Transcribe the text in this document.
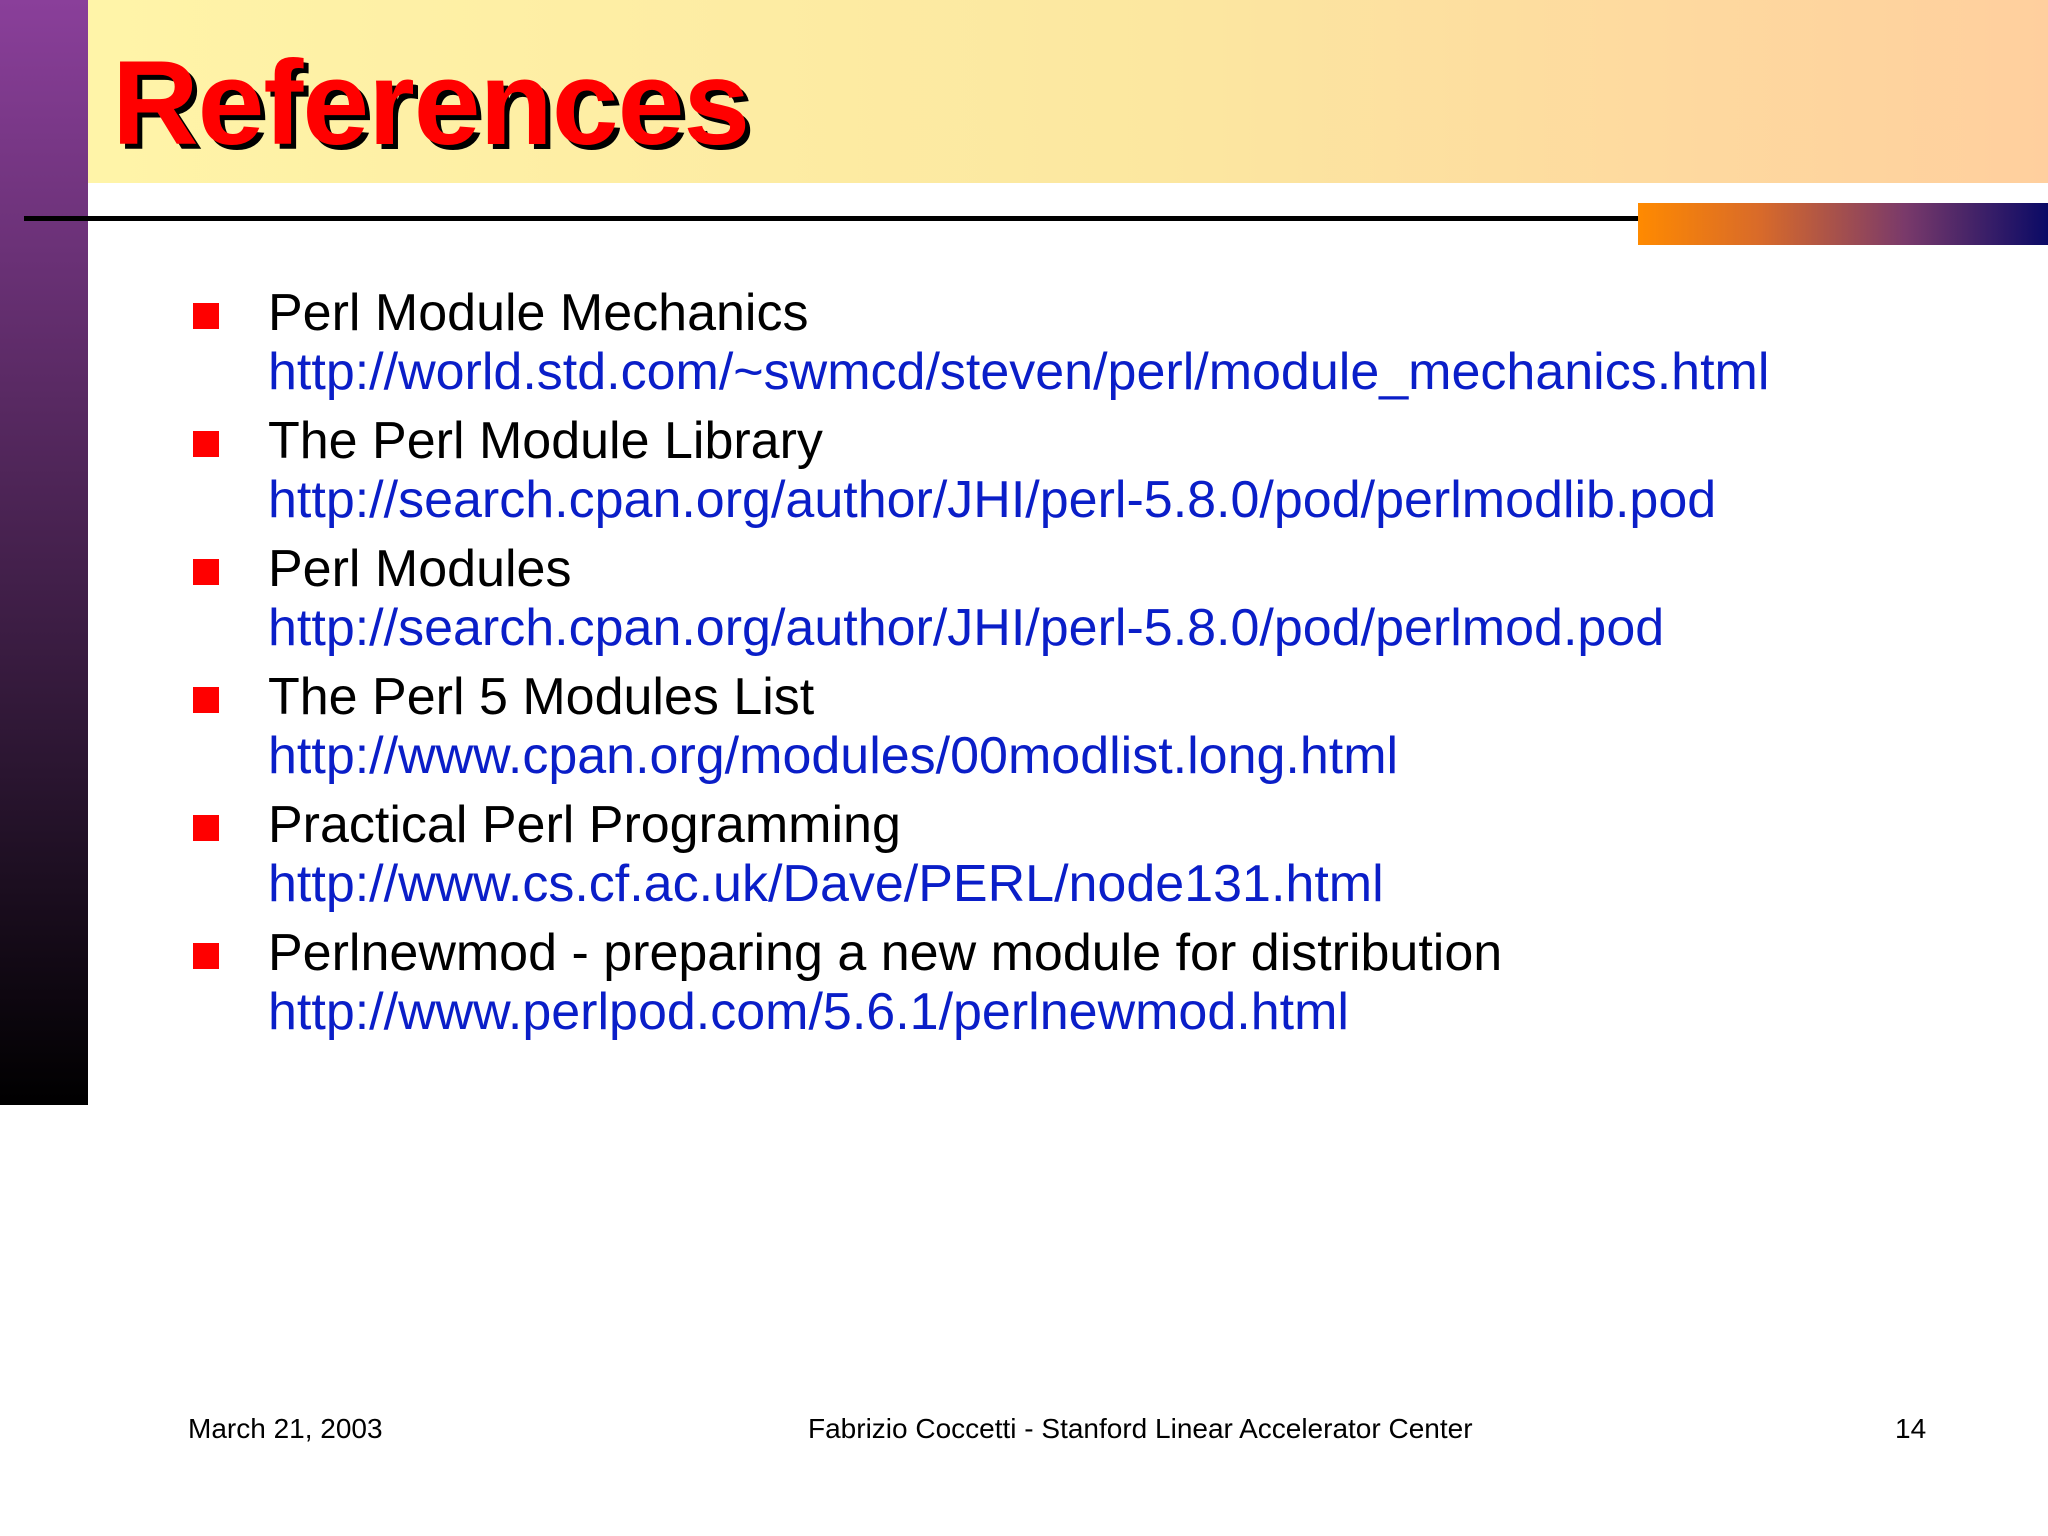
References
Perl Module Mechanics
http://world.std.com/~swmcd/steven/perl/module_mechanics.html
The Perl Module Library
http://search.cpan.org/author/JHI/perl-5.8.0/pod/perlmodlib.pod
Perl Modules
http://search.cpan.org/author/JHI/perl-5.8.0/pod/perlmod.pod
The Perl 5 Modules List
http://www.cpan.org/modules/00modlist.long.html
Practical Perl Programming
http://www.cs.cf.ac.uk/Dave/PERL/node131.html
Perlnewmod - preparing a new module for distribution
http://www.perlpod.com/5.6.1/perlnewmod.html
March 21, 2003	Fabrizio Coccetti - Stanford Linear Accelerator Center	14
